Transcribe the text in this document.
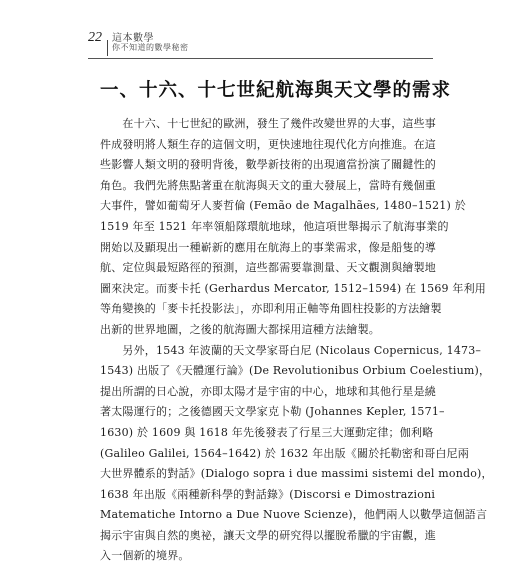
22 這本數學
你不知道的數學秘密
一、十六、十七世紀航海與天文學的需求
　　在十六、十七世紀的歐洲，發生了幾件改變世界的大事，這些事
件成發明將人類生存的這個文明，更快速地往現代化方向推進。在這
些影響人類文明的發明背後，數學新技術的出現適當扮演了關鍵性的
角色。我們先將焦點著重在航海與天文的重大發展上，當時有幾個重
大事件，譬如葡萄牙人麥哲倫 (Femão de Magalhães, 1480–1521) 於
1519 年至 1521 年率領船隊環航地球，他這項世舉揭示了航海事業的
開始以及顯現出一種嶄新的應用在航海上的事業需求，像是船隻的導
航、定位與最短路徑的預測，這些都需要靠測量、天文觀測與繪製地
圖來決定。而麥卡托 (Gerhardus Mercator, 1512–1594) 在 1569 年利用
等角變換的「麥卡托投影法」，亦即利用正軸等角圓柱投影的方法繪製
出新的世界地圖，之後的航海圖大都採用這種方法繪製。
　　另外，1543 年波蘭的天文學家哥白尼 (Nicolaus Copernicus, 1473–
1543) 出版了《天體運行論》(De Revolutionibus Orbium Coelestium)，
提出所謂的日心說，亦即太陽才是宇宙的中心，地球和其他行星是繞
著太陽運行的；之後德國天文學家克卜勒 (Johannes Kepler, 1571–
1630) 於 1609 與 1618 年先後發表了行星三大運動定律；伽利略
(Galileo Galilei, 1564–1642) 於 1632 年出版《關於托勒密和哥白尼兩
大世界體系的對話》(Dialogo sopra i due massimi sistemi del mondo)，
1638 年出版《兩種新科學的對話錄》(Discorsi e Dimostrazioni
Matematiche Intorno a Due Nuove Scienze)，他們兩人以數學這個語言
揭示宇宙與自然的奧祕，讓天文學的研究得以擺脫希臘的宇宙觀，進
入一個新的境界。
